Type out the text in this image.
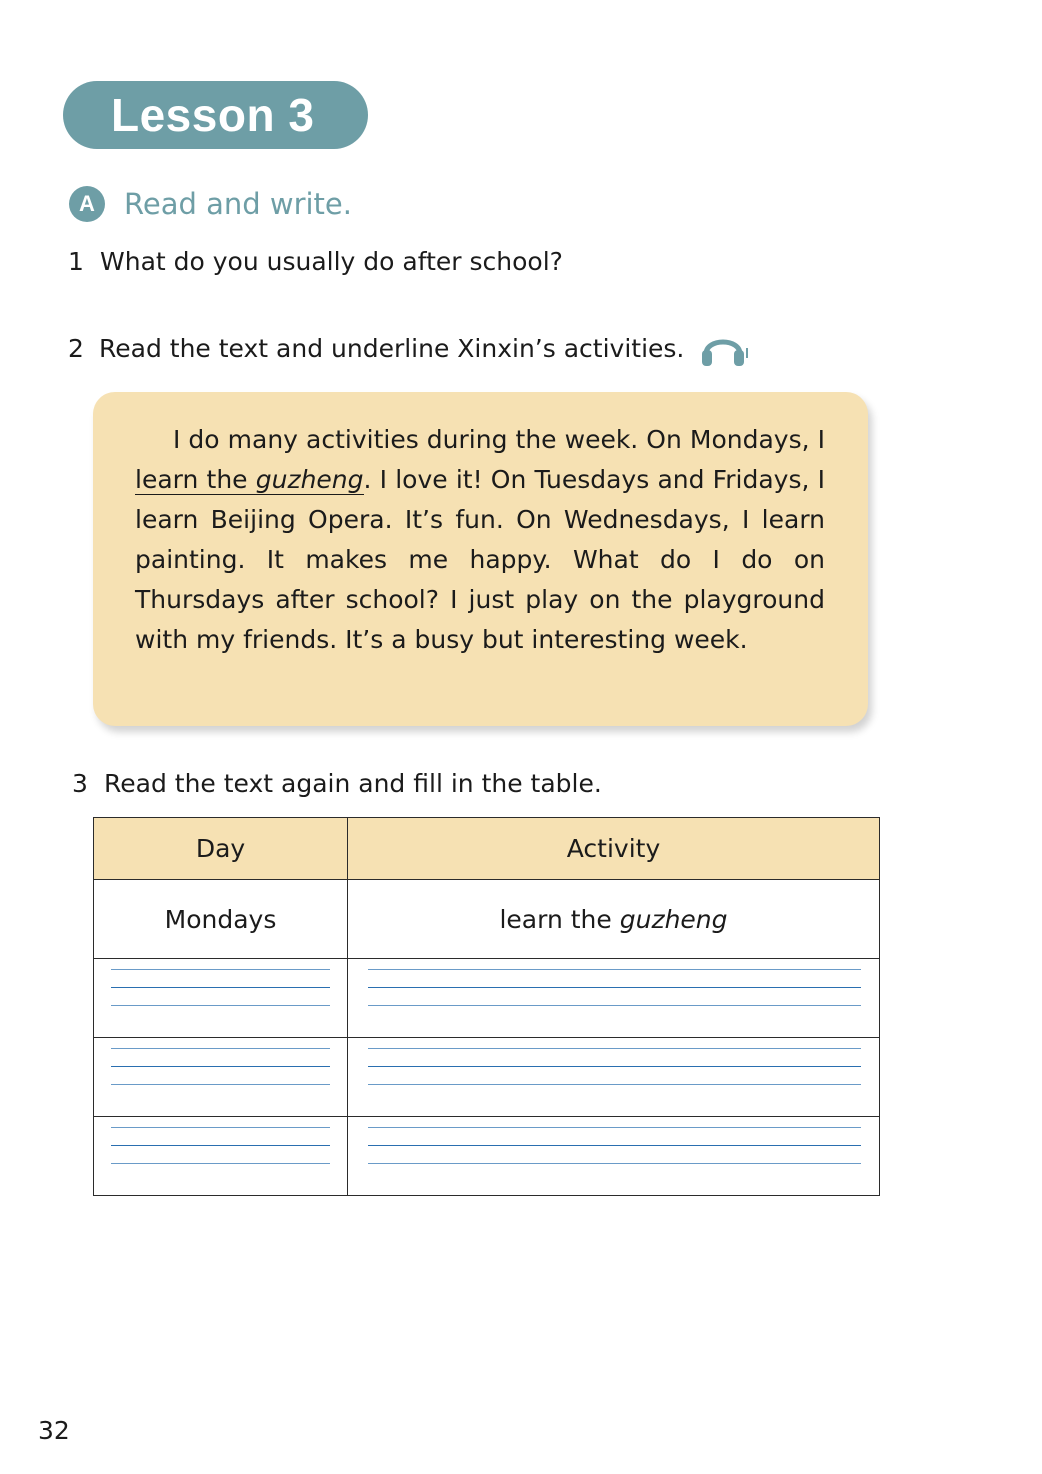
Lesson 3
A	Read and write.
1 What do you usually do after school?
2 Read the text and underline Xinxin’s activities.

I do many activities during the week. On Mondays, I learn the guzheng. I love it! On Tuesdays and Fridays, I learn Beijing Opera. It’s fun. On Wednesdays, I learn painting. It makes me happy. What do I do on Thursdays after school? I just play on the playground with my friends. It’s a busy but interesting week.

3 Read the text again and fill in the table.
Day	Activity
Mondays	learn the guzheng

32
